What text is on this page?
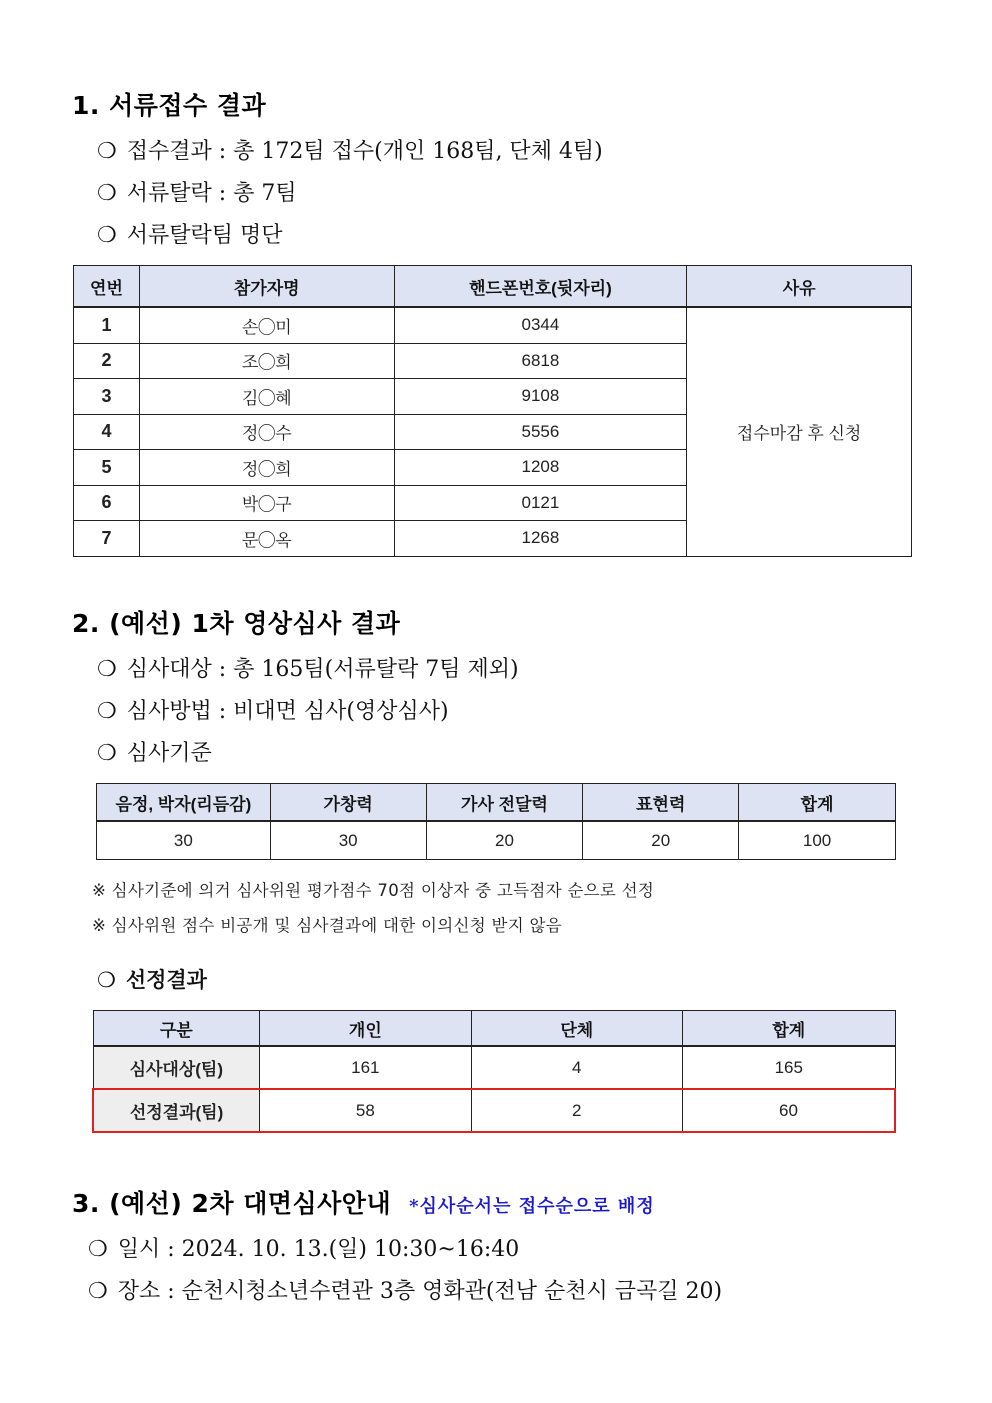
1. 서류접수 결과
❍ 접수결과 : 총 172팀 접수(개인 168팀, 단체 4팀)
❍ 서류탈락 : 총 7팀
❍ 서류탈락팀 명단
연번	참가자명	핸드폰번호(뒷자리)	사유
1	손◯미	0344	접수마감 후 신청
2	조◯희	6818	
3	김◯혜	9108	
4	정◯수	5556	
5	정◯희	1208	
6	박◯구	0121	
7	문◯옥	1268	
2. (예선) 1차 영상심사 결과
❍ 심사대상 : 총 165팀(서류탈락 7팀 제외)
❍ 심사방법 : 비대면 심사(영상심사)
❍ 심사기준
음정, 박자(리듬감)	가창력	가사 전달력	표현력	합계
30	30	20	20	100
※ 심사기준에 의거 심사위원 평가점수 70점 이상자 중 고득점자 순으로 선정
※ 심사위원 점수 비공개 및 심사결과에 대한 이의신청 받지 않음
❍ 선정결과
구분	개인	단체	합계
심사대상(팀)	161	4	165
선정결과(팀)	58	2	60
3. (예선) 2차 대면심사안내 *심사순서는 접수순으로 배정
❍ 일시 : 2024. 10. 13.(일) 10:30~16:40
❍ 장소 : 순천시청소년수련관 3층 영화관(전남 순천시 금곡길 20)
